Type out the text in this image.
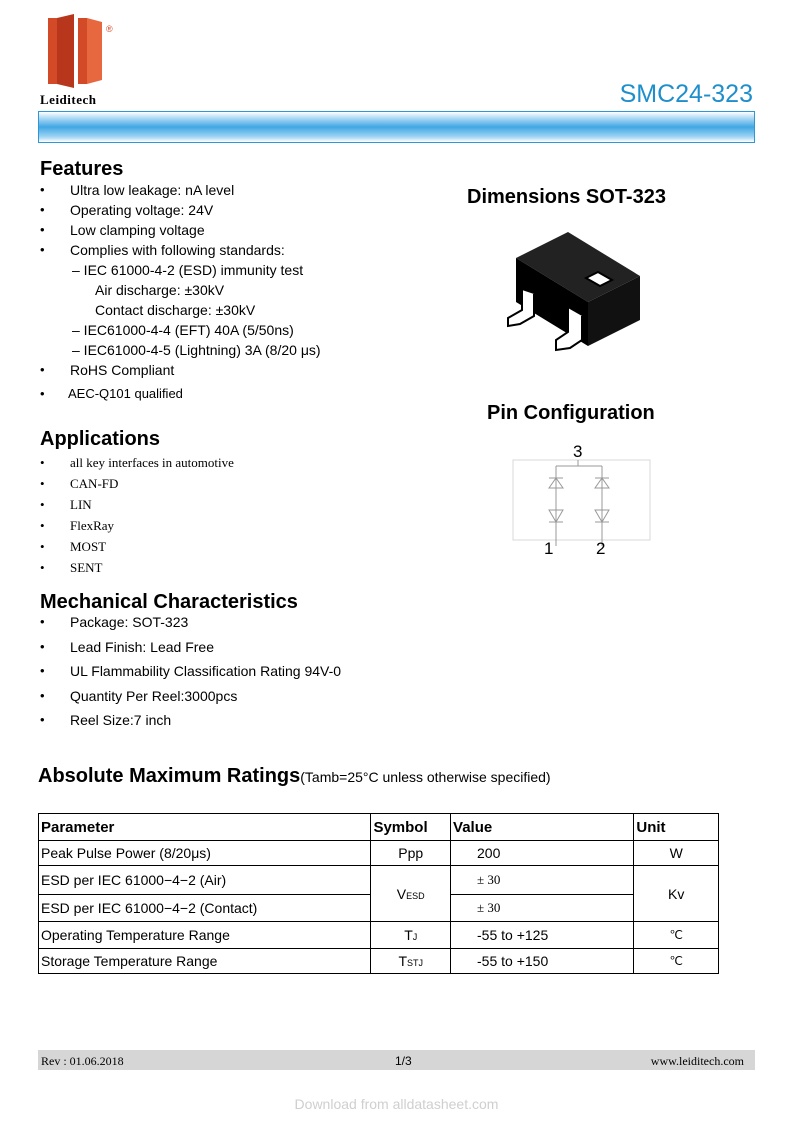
®
Leiditech	SMC24-323
Features
• Ultra low leakage: nA level
• Operating voltage: 24V
• Low clamping voltage
• Complies with following standards:
– IEC 61000-4-2 (ESD) immunity test
Air discharge: ±30kV
Contact discharge: ±30kV
– IEC61000-4-4 (EFT) 40A (5/50ns)
– IEC61000-4-5 (Lightning) 3A (8/20 μs)
• RoHS Compliant
• AEC-Q101 qualified
Applications
• all key interfaces in automotive
• CAN-FD
• LIN
• FlexRay
• MOST
• SENT
Mechanical Characteristics
• Package: SOT-323
• Lead Finish: Lead Free
• UL Flammability Classification Rating 94V-0
• Quantity Per Reel:3000pcs
• Reel Size:7 inch
Dimensions SOT-323
Pin Configuration
3
1	2
Absolute Maximum Ratings(Tamb=25°C unless otherwise specified)
Parameter	Symbol	Value	Unit
Peak Pulse Power (8/20μs)	Ppp	200	W
ESD per IEC 61000−4−2 (Air)	VESD	± 30	Kv
ESD per IEC 61000−4−2 (Contact)		± 30	
Operating Temperature Range	TJ	-55 to +125	℃
Storage Temperature Range	TSTJ	-55 to +150	℃
Rev : 01.06.2018	1/3	www.leiditech.com
Download from alldatasheet.com
